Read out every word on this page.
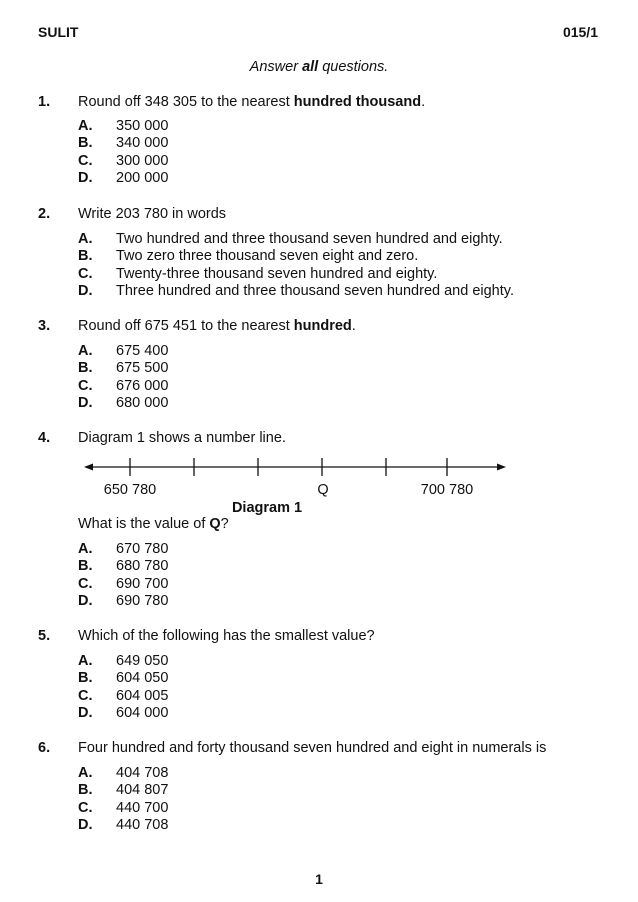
SULIT	015/1
Answer all questions.
1. Round off 348 305 to the nearest hundred thousand.
A. 350 000
B. 340 000
C. 300 000
D. 200 000
2. Write 203 780 in words
A. Two hundred and three thousand seven hundred and eighty.
B. Two zero three thousand seven eight and zero.
C. Twenty-three thousand seven hundred and eighty.
D. Three hundred and three thousand seven hundred and eighty.
3. Round off 675 451 to the nearest hundred.
A. 675 400
B. 675 500
C. 676 000
D. 680 000
4. Diagram 1 shows a number line.
650 780	Q	700 780
Diagram 1
What is the value of Q?
A. 670 780
B. 680 780
C. 690 700
D. 690 780
5. Which of the following has the smallest value?
A. 649 050
B. 604 050
C. 604 005
D. 604 000
6. Four hundred and forty thousand seven hundred and eight in numerals is
A. 404 708
B. 404 807
C. 440 700
D. 440 708
1
